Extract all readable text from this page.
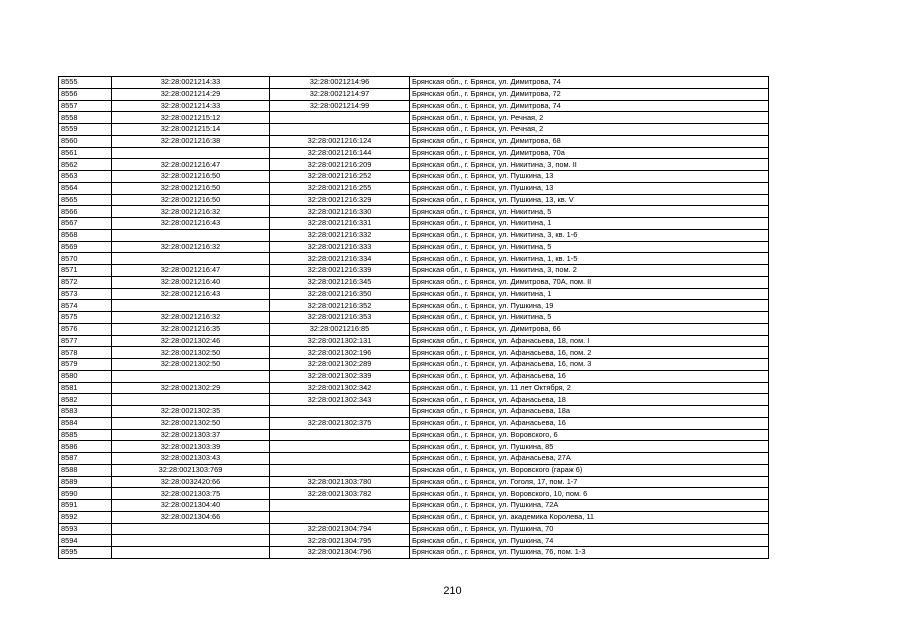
8555	32:28:0021214:33	32:28:0021214:96	Брянская обл., г. Брянск, ул. Димитрова, 74
8556	32:28:0021214:29	32:28:0021214:97	Брянская обл., г. Брянск, ул. Димитрова, 72
8557	32:28:0021214:33	32:28:0021214:99	Брянская обл., г. Брянск, ул. Димитрова, 74
8558	32:28:0021215:12		Брянская обл., г. Брянск, ул. Речная, 2
8559	32:28:0021215:14		Брянская обл., г. Брянск, ул. Речная, 2
8560	32:28:0021216:38	32:28:0021216:124	Брянская обл., г. Брянск, ул. Димитрова, 68
8561		32:28:0021216:144	Брянская обл., г. Брянск, ул. Димитрова, 70а
8562	32:28:0021216:47	32:28:0021216:209	Брянская обл., г. Брянск, ул. Никитина, 3, пом. II
8563	32:28:0021216:50	32:28:0021216:252	Брянская обл., г. Брянск, ул. Пушкина, 13
8564	32:28:0021216:50	32:28:0021216:255	Брянская обл., г. Брянск, ул. Пушкина, 13
8565	32:28:0021216:50	32:28:0021216:329	Брянская обл., г. Брянск, ул. Пушкина, 13, кв. V
8566	32:28:0021216:32	32:28:0021216:330	Брянская обл., г. Брянск, ул. Никитина, 5
8567	32:28:0021216:43	32:28:0021216:331	Брянская обл., г. Брянск, ул. Никитина, 1
8568		32:28:0021216:332	Брянская обл., г. Брянск, ул. Никитина, 3, кв. 1-6
8569	32:28:0021216:32	32:28:0021216:333	Брянская обл., г. Брянск, ул. Никитина, 5
8570		32:28:0021216:334	Брянская обл., г. Брянск, ул. Никитина, 1, кв. 1-5
8571	32:28:0021216:47	32:28:0021216:339	Брянская обл., г. Брянск, ул. Никитина, 3, пом. 2
8572	32:28:0021216:40	32:28:0021216:345	Брянская обл., г. Брянск, ул. Димитрова, 70А, пом. II
8573	32:28:0021216:43	32:28:0021216:350	Брянская обл., г. Брянск, ул. Никитина, 1
8574		32:28:0021216:352	Брянская обл., г. Брянск, ул. Пушкина, 19
8575	32:28:0021216:32	32:28:0021216:353	Брянская обл., г. Брянск, ул. Никитина, 5
8576	32:28:0021216:35	32:28:0021216:85	Брянская обл., г. Брянск, ул. Димитрова, 66
8577	32:28:0021302:46	32:28:0021302:131	Брянская обл., г. Брянск, ул. Афанасьева, 18, пом. I
8578	32:28:0021302:50	32:28:0021302:196	Брянская обл., г. Брянск, ул. Афанасьева, 16, пом. 2
8579	32:28:0021302:50	32:28:0021302:289	Брянская обл., г. Брянск, ул. Афанасьева, 16, пом. 3
8580		32:28:0021302:339	Брянская обл., г. Брянск, ул. Афанасьева, 16
8581	32:28:0021302:29	32:28:0021302:342	Брянская обл., г. Брянск, ул. 11 лет Октября, 2
8582		32:28:0021302:343	Брянская обл., г. Брянск, ул. Афанасьева, 18
8583	32:28:0021302:35		Брянская обл., г. Брянск, ул. Афанасьева, 18а
8584	32:28:0021302:50	32:28:0021302:375	Брянская обл., г. Брянск, ул. Афанасьева, 16
8585	32:28:0021303:37		Брянская обл., г. Брянск, ул. Воровского, 6
8586	32:28:0021303:39		Брянская обл., г. Брянск, ул. Пушкина, 85
8587	32:28:0021303:43		Брянская обл., г. Брянск, ул. Афанасьева, 27А
8588	32:28:0021303:769		Брянская обл., г. Брянск, ул. Воровского (гараж 6)
8589	32:28:0032420:66	32:28:0021303:780	Брянская обл., г. Брянск, ул. Гоголя, 17, пом. 1-7
8590	32:28:0021303:75	32:28:0021303:782	Брянская обл., г. Брянск, ул. Воровского, 10, пом. 6
8591	32:28:0021304:40		Брянская обл., г. Брянск, ул. Пушкина, 72А
8592	32:28:0021304:66		Брянская обл., г. Брянск, ул. академика Королева, 11
8593		32:28:0021304:794	Брянская обл., г. Брянск, ул. Пушкина, 70
8594		32:28:0021304:795	Брянская обл., г. Брянск, ул. Пушкина, 74
8595		32:28:0021304:796	Брянская обл., г. Брянск, ул. Пушкина, 76, пом. 1-3
210
